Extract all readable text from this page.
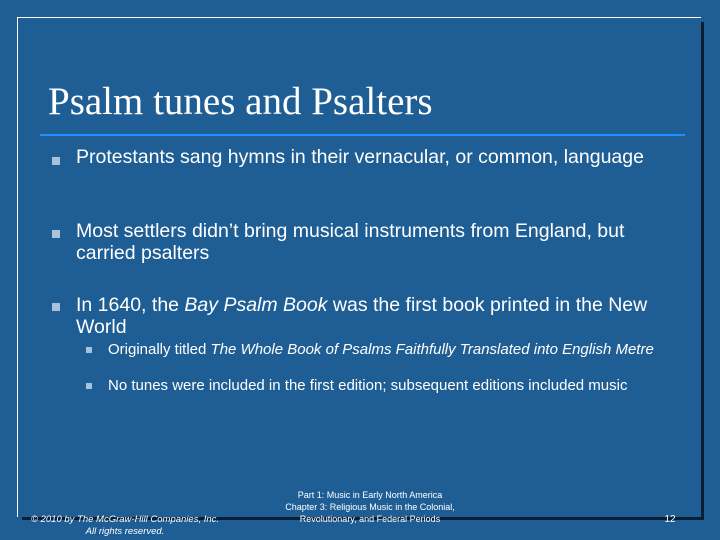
Psalm tunes and Psalters
Protestants sang hymns in their vernacular, or common, language
Most settlers didn’t bring musical instruments from England, but carried psalters
In 1640, the Bay Psalm Book was the first book printed in the New World
Originally titled The Whole Book of Psalms Faithfully Translated into English Metre
No tunes were included in the first edition; subsequent editions included music
© 2010 by The McGraw-Hill Companies, Inc.
All rights reserved.
Part 1: Music in Early North America
Chapter 3: Religious Music in the Colonial,
Revolutionary, and Federal Periods	12
